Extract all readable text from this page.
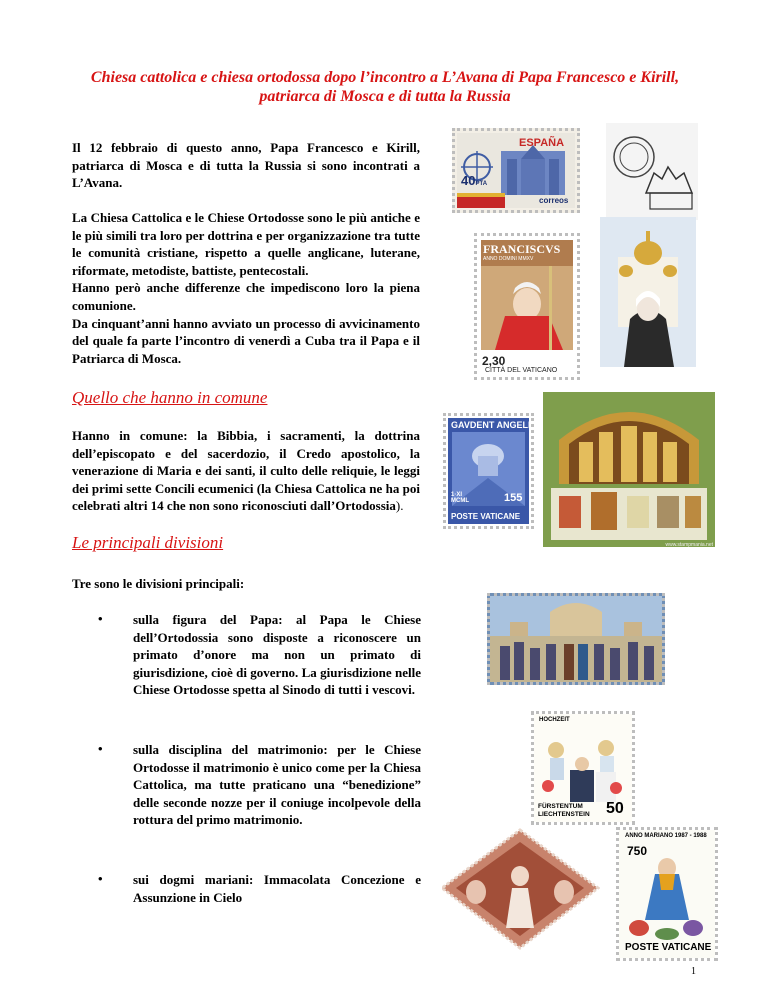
Chiesa cattolica e chiesa ortodossa dopo l’incontro a L’Avana di Papa Francesco e Kirill, patriarca di Mosca e di tutta la Russia

Il 12 febbraio di questo anno, Papa Francesco e Kirill, patriarca di Mosca e di tutta la Russia si sono incontrati a L’Avana.

La Chiesa Cattolica e le Chiese Ortodosse sono le più antiche e le più simili tra loro per dottrina e per organizzazione tra tutte le comunità cristiane, rispetto a quelle anglicane, luterane, riformate, metodiste, battiste, pentecostali.

Hanno però anche differenze che impediscono loro la piena comunione.

Da cinquant’anni hanno avviato un processo di avvicinamento del quale fa parte l’incontro di venerdì a Cuba tra il Papa e il Patriarca di Mosca.

Quello che hanno in comune
Hanno in comune: la Bibbia, i sacramenti, la dottrina dell’episcopato e del sacerdozio, il Credo apostolico, la venerazione di Maria e dei santi, il culto delle reliquie, le leggi dei primi sette Concili ecumenici (la Chiesa Cattolica ne ha poi celebrati altri 14 che non sono riconosciuti dall’Ortodossia).
Le principali divisioni
Tre sono le divisioni principali:
• sulla figura del Papa: al Papa le Chiese dell’Ortodossia sono disposte a riconoscere un primato d’onore ma non un primato di giurisdizione, cioè di governo. La giurisdizione nelle Chiese Ortodosse spetta al Sinodo di tutti i vescovi.
• sulla disciplina del matrimonio: per le Chiese Ortodosse il matrimonio è unico come per la Chiesa Cattolica, ma tutte praticano una “benedizione” delle seconde nozze per il coniuge incolpevole della rottura del primo matrimonio.
• sui dogmi mariani: Immacolata Concezione e Assunzione in Cielo
ESPAÑA
40PTA
correos
FRANCISCVS
ANNO DOMINI MMXV
2,30
CITTÀ DEL VATICANO
GAVDENT ANGELI
1·XI MCML	155
POSTE VATICANE
www.stampmania.net
HOCHZEIT
FÜRSTENTUM LIECHTENSTEIN	50
ANNO MARIANO 1987 - 1988
750
POSTE VATICANE
1
